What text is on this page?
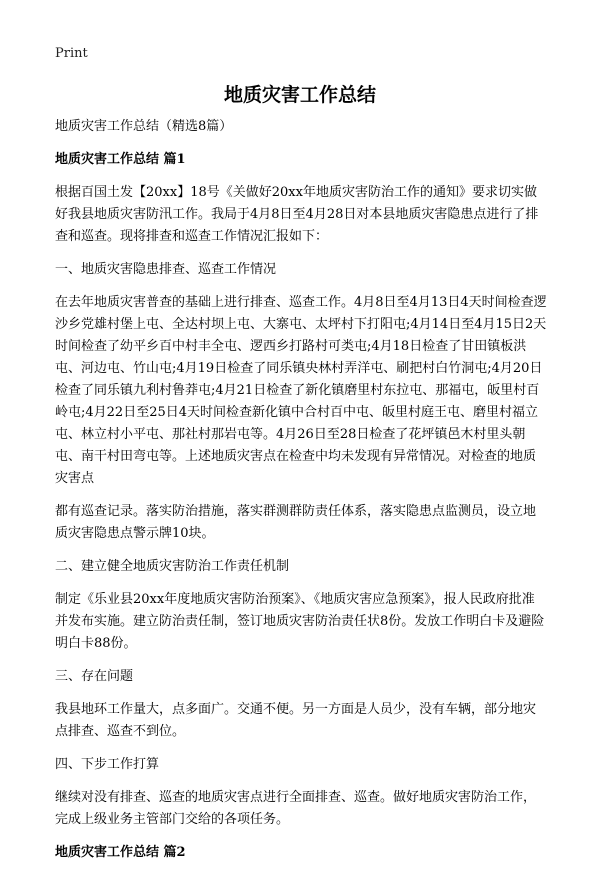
Print
地质灾害工作总结

地质灾害工作总结（精选8篇）

地质灾害工作总结 篇1

根据百国土发【20xx】18号《关做好20xx年地质灾害防治工作的通知》要求切实做好我县地质灾害防汛工作。我局于4月8日至4月28日对本县地质灾害隐患点进行了排查和巡查。现将排查和巡查工作情况汇报如下：

一、地质灾害隐患排查、巡查工作情况

在去年地质灾害普查的基础上进行排查、巡查工作。4月8日至4月13日4天时间检查逻沙乡党雄村堡上屯、全达村坝上屯、大寨屯、太坪村下打阳屯;4月14日至4月15日2天时间检查了幼平乡百中村丰全屯、逻西乡打路村可类屯;4月18日检查了甘田镇板洪屯、河边屯、竹山屯;4月19日检查了同乐镇央林村弄洋屯、刷把村白竹洞屯;4月20日检查了同乐镇九利村鲁莽屯;4月21日检查了新化镇磨里村东拉屯、那福屯，皈里村百岭屯;4月22日至25日4天时间检查新化镇中合村百中屯、皈里村庭王屯、磨里村福立屯、林立村小平屯、那社村那岩屯等。4月26日至28日检查了花坪镇邑木村里头朝屯、南干村田弯屯等。上述地质灾害点在检查中均未发现有异常情况。对检查的地质灾害点

都有巡查记录。落实防治措施，落实群测群防责任体系，落实隐患点监测员，设立地质灾害隐患点警示牌10块。

二、建立健全地质灾害防治工作责任机制

制定《乐业县20xx年度地质灾害防治预案》、《地质灾害应急预案》，报人民政府批准并发布实施。建立防治责任制，签订地质灾害防治责任状8份。发放工作明白卡及避险明白卡88份。

三、存在问题

我县地环工作量大，点多面广。交通不便。另一方面是人员少，没有车辆，部分地灾点排查、巡查不到位。

四、下步工作打算

继续对没有排查、巡查的地质灾害点进行全面排查、巡查。做好地质灾害防治工作，完成上级业务主管部门交给的各项任务。

地质灾害工作总结 篇2
